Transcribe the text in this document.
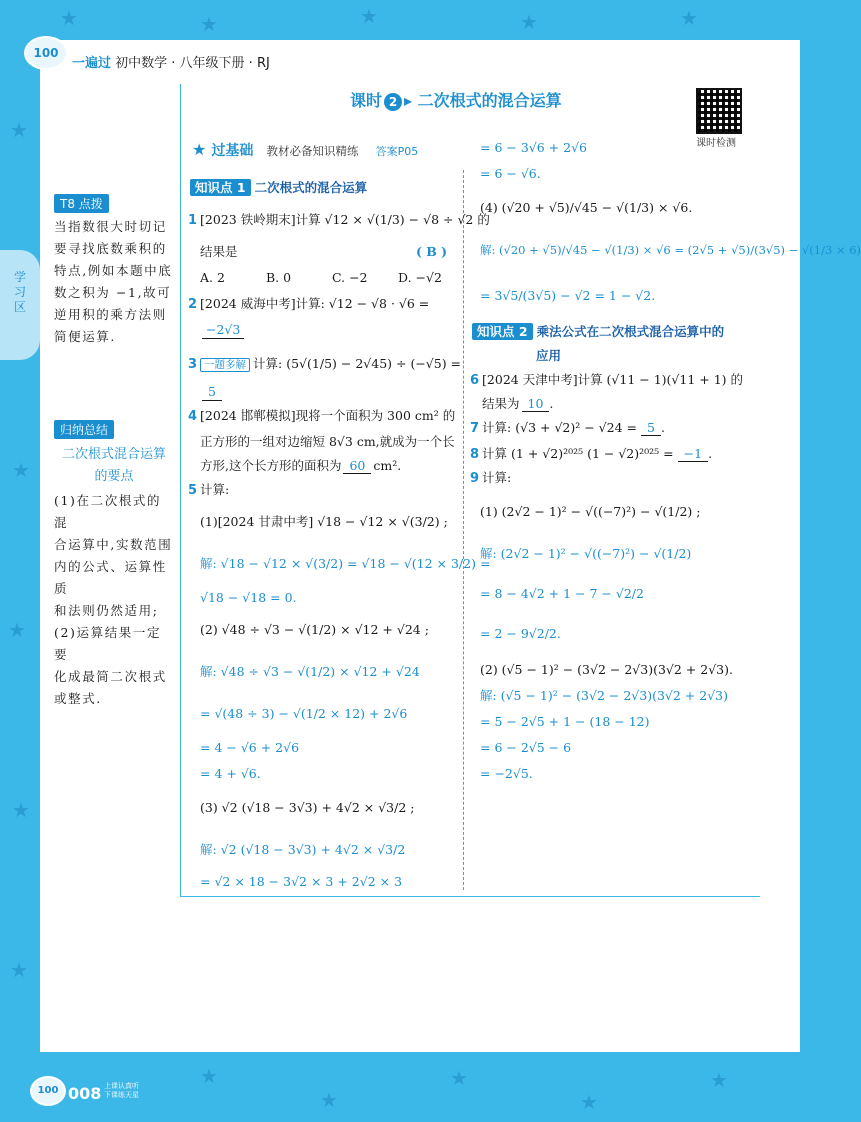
★	★	★	★	★
★
★
★
★
★
★
★
★
★
★
100
一遍过 初中数学 · 八年级下册 · RJ
课时 2 ▸ 二次根式的混合运算
课时检测
学习区
T8 点拨
当指数很大时切记
要寻找底数乘积的
特点,例如本题中底
数之积为 −1,故可
逆用积的乘方法则
简便运算.
归纳总结
二次根式混合运算
的要点
(1)在二次根式的混
合运算中,实数范围
内的公式、运算性质
和法则仍然适用;
(2)运算结果一定要
化成最简二次根式
或整式.
★ 过基础 教材必备知识精练 答案P05
知识点 1 二次根式的混合运算
1 [2023 铁岭期末]计算 √12 × √(1/3) − √8 ÷ √2 的
结果是	( B )
A. 2	B. 0	C. −2 D. −√2
2 [2024 威海中考]计算: √12 − √8 · √6 =
−2√3
3 一题多解 计算: (5√(1/5) − 2√45) ÷ (−√5) =
5
4 [2024 邯郸模拟]现将一个面积为 300 cm² 的
正方形的一组对边缩短 8√3 cm,就成为一个长
方形,这个长方形的面积为 60 cm².
5 计算:
(1)[2024 甘肃中考] √18 − √12 × √(3/2) ;
解: √18 − √12 × √(3/2) = √18 − √(12 × 3/2) =
√18 − √18 = 0.
(2) √48 ÷ √3 − √(1/2) × √12 + √24 ;
解: √48 ÷ √3 − √(1/2) × √12 + √24
= √(48 ÷ 3) − √(1/2 × 12) + 2√6
= 4 − √6 + 2√6
= 4 + √6.
(3) √2 (√18 − 3√3) + 4√2 × √3/2 ;
解: √2 (√18 − 3√3) + 4√2 × √3/2
= √2 × 18 − 3√2 × 3 + 2√2 × 3
= 6 − 3√6 + 2√6
= 6 − √6.
(4) (√20 + √5)/√45 − √(1/3) × √6.
解: (√20 + √5)/√45 − √(1/3) × √6 = (2√5 + √5)/(3√5) − √(1/3 × 6)
= 3√5/(3√5) − √2 = 1 − √2.
知识点 2 乘法公式在二次根式混合运算中的
应用
6 [2024 天津中考]计算 (√11 − 1)(√11 + 1) 的
结果为 10 .
7 计算: (√3 + √2)² − √24 = 5 .
8 计算 (1 + √2)²⁰²⁵ (1 − √2)²⁰²⁵ = −1 .
9 计算:
(1) (2√2 − 1)² − √((−7)²) − √(1/2) ;
解: (2√2 − 1)² − √((−7)²) − √(1/2)
= 8 − 4√2 + 1 − 7 − √2/2
= 2 − 9√2/2.
(2) (√5 − 1)² − (3√2 − 2√3)(3√2 + 2√3).
解: (√5 − 1)² − (3√2 − 2√3)(3√2 + 2√3)
= 5 − 2√5 + 1 − (18 − 12)
= 6 − 2√5 − 6
= −2√5.
100 008 上课认真听 下课练天星
